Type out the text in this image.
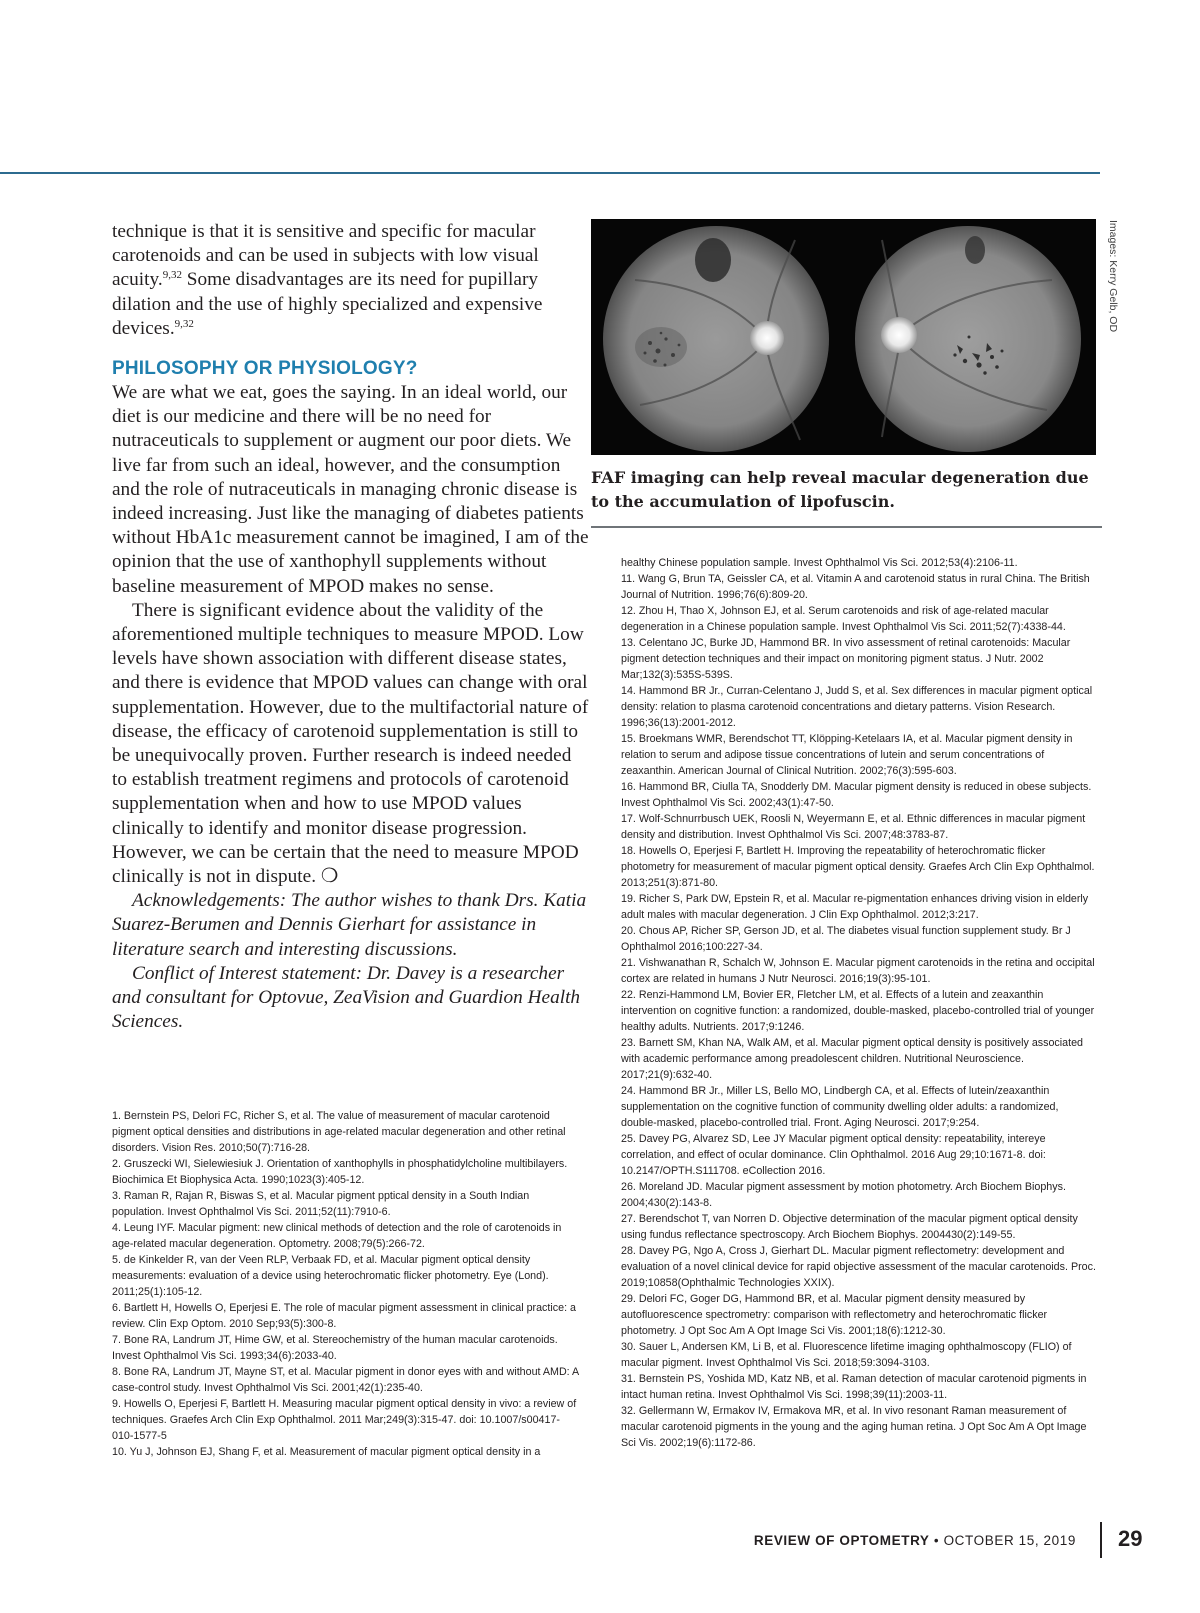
technique is that it is sensitive and specific for macular carotenoids and can be used in subjects with low visual acuity.$^{9,32}$ Some disadvantages are its need for pupillary dilation and the use of highly specialized and expensive devices.$^{9,32}$

PHILOSOPHY OR PHYSIOLOGY?

We are what we eat, goes the saying. In an ideal world, our diet is our medicine and there will be no need for nutraceuticals to supplement or augment our poor diets. We live far from such an ideal, however, and the consumption and the role of nutraceuticals in managing chronic disease is indeed increasing. Just like the managing of diabetes patients without HbA1c measurement cannot be imagined, I am of the opinion that the use of xanthophyll supplements without baseline measurement of MPOD makes no sense.

There is significant evidence about the validity of the aforementioned multiple techniques to measure MPOD. Low levels have shown association with different disease states, and there is evidence that MPOD values can change with oral supplementation. However, due to the multifactorial nature of disease, the efficacy of carotenoid supplementation is still to be unequivocally proven. Further research is indeed needed to establish treatment regimens and protocols of carotenoid supplementation when and how to use MPOD values clinically to identify and monitor disease progression. However, we can be certain that the need to measure MPOD clinically is not in dispute. ❍

Acknowledgements: The author wishes to thank Drs. Katia Suarez-Berumen and Dennis Gierhart for assistance in literature search and interesting discussions.

Conflict of Interest statement: Dr. Davey is a researcher and consultant for Optovue, ZeaVision and Guardion Health Sciences.

1. Bernstein PS, Delori FC, Richer S, et al. The value of measurement of macular carotenoid pigment optical densities and distributions in age-related macular degeneration and other retinal disorders. Vision Res. 2010;50(7):716-28.
2. Gruszecki WI, Sielewiesiuk J. Orientation of xanthophylls in phosphatidylcholine multibilayers. Biochimica Et Biophysica Acta. 1990;1023(3):405-12.
3. Raman R, Rajan R, Biswas S, et al. Macular pigment pptical density in a South Indian population. Invest Ophthalmol Vis Sci. 2011;52(11):7910-6.
4. Leung IYF. Macular pigment: new clinical methods of detection and the role of carotenoids in age-related macular degeneration. Optometry. 2008;79(5):266-72.
5. de Kinkelder R, van der Veen RLP, Verbaak FD, et al. Macular pigment optical density measurements: evaluation of a device using heterochromatic flicker photometry. Eye (Lond). 2011;25(1):105-12.
6. Bartlett H, Howells O, Eperjesi E. The role of macular pigment assessment in clinical practice: a review. Clin Exp Optom. 2010 Sep;93(5):300-8.
7. Bone RA, Landrum JT, Hime GW, et al. Stereochemistry of the human macular carotenoids. Invest Ophthalmol Vis Sci. 1993;34(6):2033-40.
8. Bone RA, Landrum JT, Mayne ST, et al. Macular pigment in donor eyes with and without AMD: A case-control study. Invest Ophthalmol Vis Sci. 2001;42(1):235-40.
9. Howells O, Eperjesi F, Bartlett H. Measuring macular pigment optical density in vivo: a review of techniques. Graefes Arch Clin Exp Ophthalmol. 2011 Mar;249(3):315-47. doi: 10.1007/s00417-010-1577-5
10. Yu J, Johnson EJ, Shang F, et al. Measurement of macular pigment optical density in a
Images: Kerry Gelb, OD
FAF imaging can help reveal macular degeneration due to the accumulation of lipofuscin.
healthy Chinese population sample. Invest Ophthalmol Vis Sci. 2012;53(4):2106-11.
11. Wang G, Brun TA, Geissler CA, et al. Vitamin A and carotenoid status in rural China. The British Journal of Nutrition. 1996;76(6):809-20.
12. Zhou H, Thao X, Johnson EJ, et al. Serum carotenoids and risk of age-related macular degeneration in a Chinese population sample. Invest Ophthalmol Vis Sci. 2011;52(7):4338-44.
13. Celentano JC, Burke JD, Hammond BR. In vivo assessment of retinal carotenoids: Macular pigment detection techniques and their impact on monitoring pigment status. J Nutr. 2002 Mar;132(3):535S-539S.
14. Hammond BR Jr., Curran-Celentano J, Judd S, et al. Sex differences in macular pigment optical density: relation to plasma carotenoid concentrations and dietary patterns. Vision Research. 1996;36(13):2001-2012.
15. Broekmans WMR, Berendschot TT, Klöpping-Ketelaars IA, et al. Macular pigment density in relation to serum and adipose tissue concentrations of lutein and serum concentrations of zeaxanthin. American Journal of Clinical Nutrition. 2002;76(3):595-603.
16. Hammond BR, Ciulla TA, Snodderly DM. Macular pigment density is reduced in obese subjects. Invest Ophthalmol Vis Sci. 2002;43(1):47-50.
17. Wolf-Schnurrbusch UEK, Roosli N, Weyermann E, et al. Ethnic differences in macular pigment density and distribution. Invest Ophthalmol Vis Sci. 2007;48:3783-87.
18. Howells O, Eperjesi F, Bartlett H. Improving the repeatability of heterochromatic flicker photometry for measurement of macular pigment optical density. Graefes Arch Clin Exp Ophthalmol. 2013;251(3):871-80.
19. Richer S, Park DW, Epstein R, et al. Macular re-pigmentation enhances driving vision in elderly adult males with macular degeneration. J Clin Exp Ophthalmol. 2012;3:217.
20. Chous AP, Richer SP, Gerson JD, et al. The diabetes visual function supplement study. Br J Ophthalmol 2016;100:227-34.
21. Vishwanathan R, Schalch W, Johnson E. Macular pigment carotenoids in the retina and occipital cortex are related in humans J Nutr Neurosci. 2016;19(3):95-101.
22. Renzi-Hammond LM, Bovier ER, Fletcher LM, et al. Effects of a lutein and zeaxanthin intervention on cognitive function: a randomized, double-masked, placebo-controlled trial of younger healthy adults. Nutrients. 2017;9:1246.
23. Barnett SM, Khan NA, Walk AM, et al. Macular pigment optical density is positively associated with academic performance among preadolescent children. Nutritional Neuroscience. 2017;21(9):632-40.
24. Hammond BR Jr., Miller LS, Bello MO, Lindbergh CA, et al. Effects of lutein/zeaxanthin supplementation on the cognitive function of community dwelling older adults: a randomized, double-masked, placebo-controlled trial. Front. Aging Neurosci. 2017;9:254.
25. Davey PG, Alvarez SD, Lee JY Macular pigment optical density: repeatability, intereye correlation, and effect of ocular dominance. Clin Ophthalmol. 2016 Aug 29;10:1671-8. doi: 10.2147/OPTH.S111708. eCollection 2016.
26. Moreland JD. Macular pigment assessment by motion photometry. Arch Biochem Biophys. 2004;430(2):143-8.
27. Berendschot T, van Norren D. Objective determination of the macular pigment optical density using fundus reflectance spectroscopy. Arch Biochem Biophys. 2004430(2):149-55.
28. Davey PG, Ngo A, Cross J, Gierhart DL. Macular pigment reflectometry: development and evaluation of a novel clinical device for rapid objective assessment of the macular carotenoids. Proc. 2019;10858(Ophthalmic Technologies XXIX).
29. Delori FC, Goger DG, Hammond BR, et al. Macular pigment density measured by autofluorescence spectrometry: comparison with reflectometry and heterochromatic flicker photometry. J Opt Soc Am A Opt Image Sci Vis. 2001;18(6):1212-30.
30. Sauer L, Andersen KM, Li B, et al. Fluorescence lifetime imaging ophthalmoscopy (FLIO) of macular pigment. Invest Ophthalmol Vis Sci. 2018;59:3094-3103.
31. Bernstein PS, Yoshida MD, Katz NB, et al. Raman detection of macular carotenoid pigments in intact human retina. Invest Ophthalmol Vis Sci. 1998;39(11):2003-11.
32. Gellermann W, Ermakov IV, Ermakova MR, et al. In vivo resonant Raman measurement of macular carotenoid pigments in the young and the aging human retina. J Opt Soc Am A Opt Image Sci Vis. 2002;19(6):1172-86.
REVIEW OF OPTOMETRY • OCTOBER 15, 2019 29
